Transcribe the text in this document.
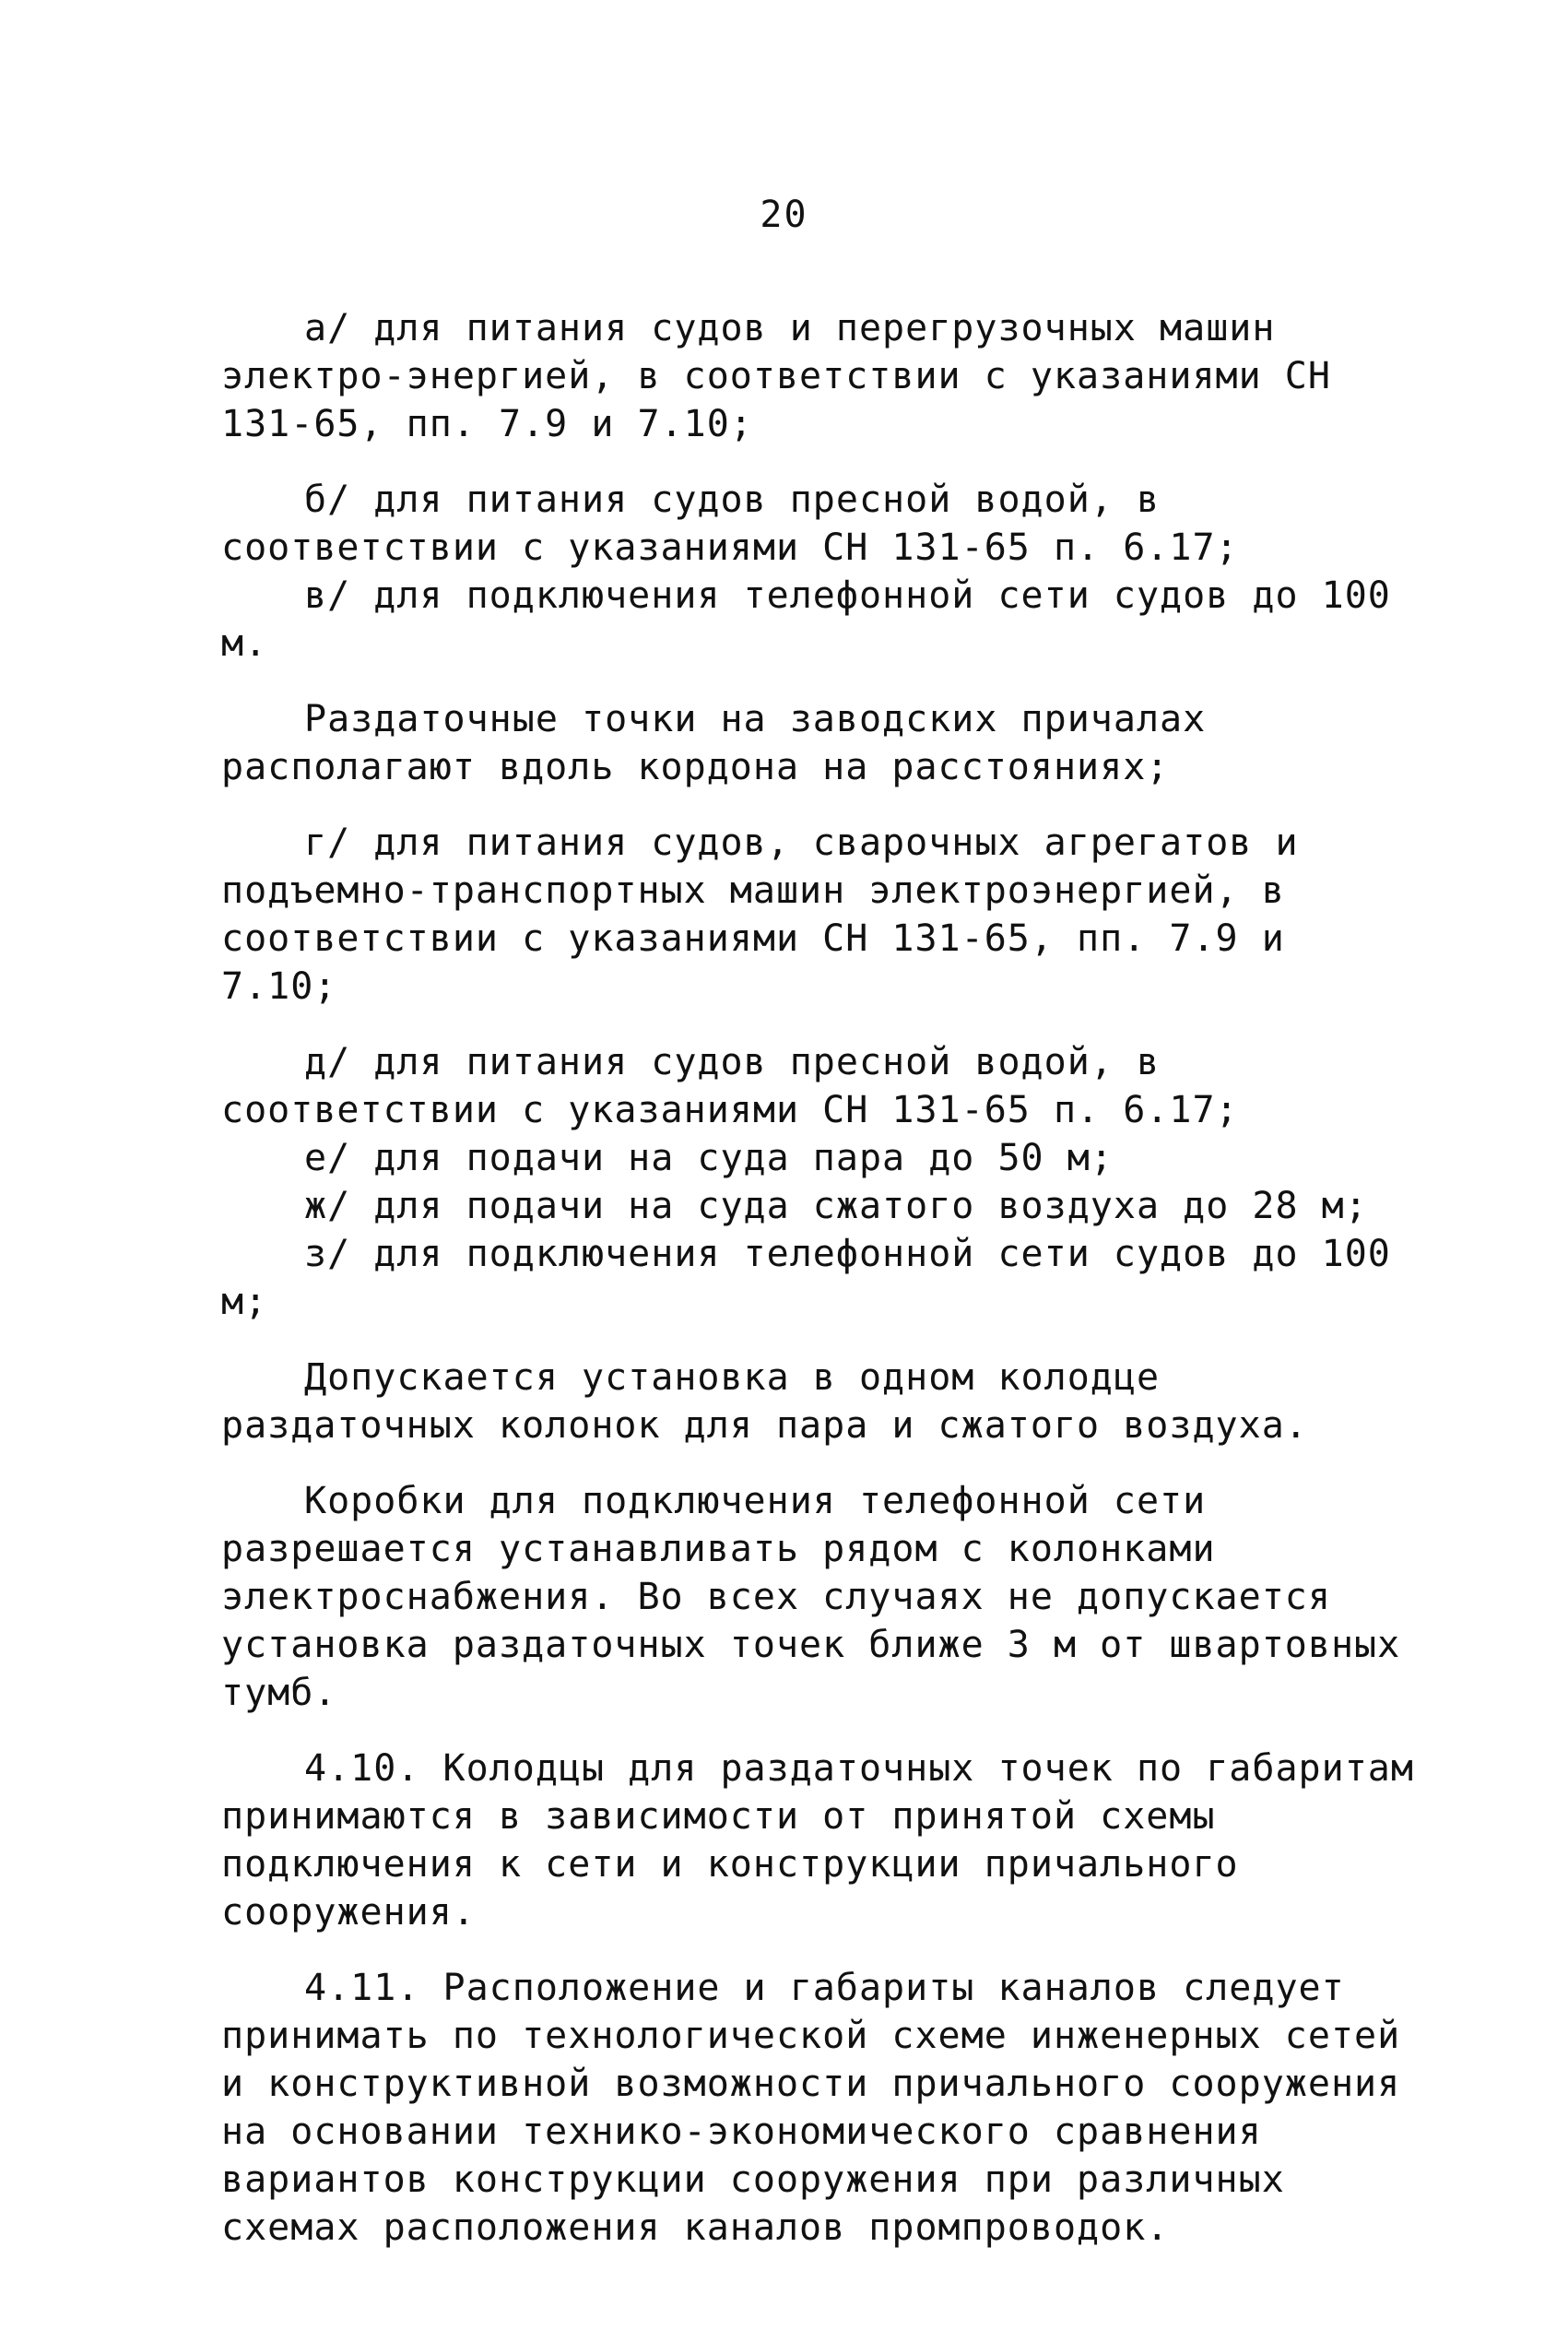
20

а/ для питания судов и перегрузочных машин электро-энергией, в соответствии с указаниями СН 131-65, пп. 7.9 и 7.10;

б/ для питания судов пресной водой, в соответствии с указаниями СН 131-65 п. 6.17;

в/ для подключения телефонной сети судов до 100 м.

Раздаточные точки на заводских причалах располагают вдоль кордона на расстояниях;

г/ для питания судов, сварочных агрегатов и подъемно-транспортных машин электроэнергией, в соответствии с указаниями СН 131-65, пп. 7.9 и 7.10;

д/ для питания судов пресной водой, в соответствии с указаниями СН 131-65 п. 6.17;

е/ для подачи на суда пара до 50 м;

ж/ для подачи на суда сжатого воздуха до 28 м;

з/ для подключения телефонной сети судов до 100 м;

Допускается установка в одном колодце раздаточных колонок для пара и сжатого воздуха.

Коробки для подключения телефонной сети разрешается устанавливать рядом с колонками электроснабжения. Во всех случаях не допускается установка раздаточных точек ближе 3 м от швартовных тумб.

4.10. Колодцы для раздаточных точек по габаритам принимаются в зависимости от принятой схемы подключения к сети и конструкции причального сооружения.

4.11. Расположение и габариты каналов следует принимать по технологической схеме инженерных сетей и конструктивной возможности причального сооружения на основании технико-экономического сравнения вариантов конструкции сооружения при различных схемах расположения каналов промпроводок.
